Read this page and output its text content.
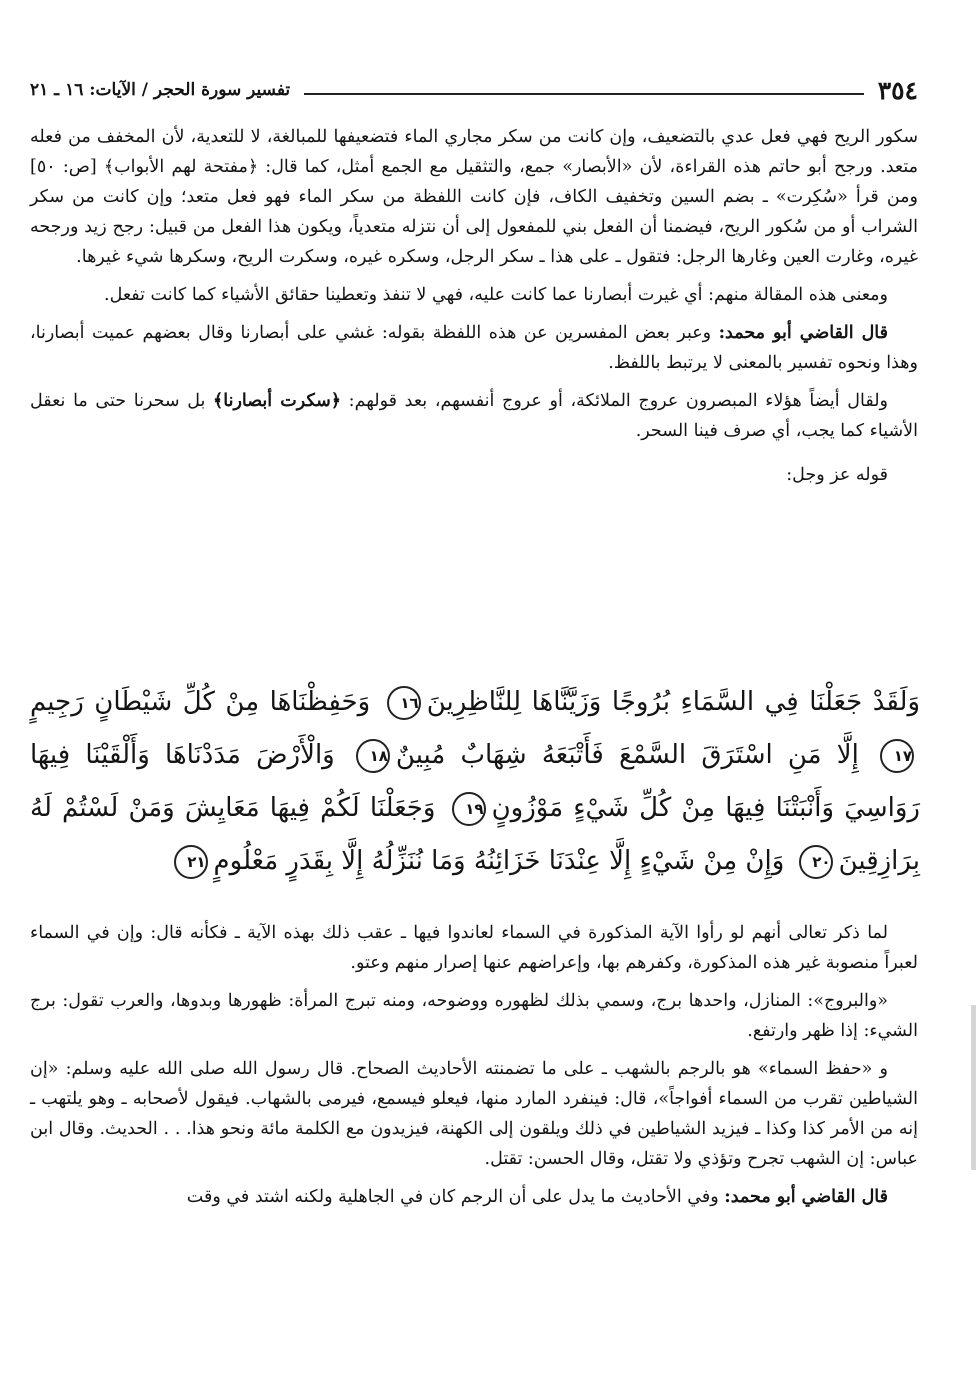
٣٥٤
تفسير سورة الحجر / الآيات: ١٦ ـ ٢١

سكور الريح فهي فعل عدي بالتضعيف، وإن كانت من سكر مجاري الماء فتضعيفها للمبالغة، لا للتعدية، لأن المخفف من فعله متعد. ورجح أبو حاتم هذه القراءة، لأن «الأبصار» جمع، والتثقيل مع الجمع أمثل، كما قال: ﴿مفتحة لهم الأبواب﴾ [ص: ٥٠] ومن قرأ «سُكِرت» ـ بضم السين وتخفيف الكاف، فإن كانت اللفظة من سكر الماء فهو فعل متعد؛ وإن كانت من سكر الشراب أو من سُكور الريح، فيضمنا أن الفعل بني للمفعول إلى أن نتزله متعدياً، ويكون هذا الفعل من قبيل: رجح زيد ورجحه غيره، وغارت العين وغارها الرجل: فتقول ـ على هذا ـ سكر الرجل، وسكره غيره، وسكرت الريح، وسكرها شيء غيرها.

ومعنى هذه المقالة منهم: أي غيرت أبصارنا عما كانت عليه، فهي لا تنفذ وتعطينا حقائق الأشياء كما كانت تفعل.

قال القاضي أبو محمد: وعبر بعض المفسرين عن هذه اللفظة بقوله: غشي على أبصارنا وقال بعضهم عميت أبصارنا، وهذا ونحوه تفسير بالمعنى لا يرتبط باللفظ.

ولقال أيضاً هؤلاء المبصرون عروج الملائكة، أو عروج أنفسهم، بعد قولهم: ﴿سكرت أبصارنا﴾ بل سحرنا حتى ما نعقل الأشياء كما يجب، أي صرف فينا السحر.

قوله عز وجل:

وَلَقَدْ جَعَلْنَا فِي السَّمَاءِ بُرُوجًا وَزَيَّنَّاهَا لِلنَّاظِرِينَ١٦ وَحَفِظْنَاهَا مِنْ كُلِّ شَيْطَانٍ رَجِيمٍ١٧ إِلَّا مَنِ اسْتَرَقَ السَّمْعَ فَأَتْبَعَهُ شِهَابٌ مُبِينٌ١٨ وَالْأَرْضَ مَدَدْنَاهَا وَأَلْقَيْنَا فِيهَا رَوَاسِيَ وَأَنْبَتْنَا فِيهَا مِنْ كُلِّ شَيْءٍ مَوْزُونٍ١٩ وَجَعَلْنَا لَكُمْ فِيهَا مَعَايِشَ وَمَنْ لَسْتُمْ لَهُ بِرَازِقِينَ٢٠ وَإِنْ مِنْ شَيْءٍ إِلَّا عِنْدَنَا خَزَائِنُهُ وَمَا نُنَزِّلُهُ إِلَّا بِقَدَرٍ مَعْلُومٍ٢١

لما ذكر تعالى أنهم لو رأوا الآية المذكورة في السماء لعاندوا فيها ـ عقب ذلك بهذه الآية ـ فكأنه قال: وإن في السماء لعبراً منصوبة غير هذه المذكورة، وكفرهم بها، وإعراضهم عنها إصرار منهم وعتو.

«والبروج»: المنازل، واحدها برج، وسمي بذلك لظهوره ووضوحه، ومنه تبرج المرأة: ظهورها وبدوها، والعرب تقول: برج الشيء: إذا ظهر وارتفع.

و «حفظ السماء» هو بالرجم بالشهب ـ على ما تضمنته الأحاديث الصحاح. قال رسول الله صلى الله عليه وسلم: «إن الشياطين تقرب من السماء أفواجاً»، قال: فينفرد المارد منها، فيعلو فيسمع، فيرمى بالشهاب. فيقول لأصحابه ـ وهو يلتهب ـ إنه من الأمر كذا وكذا ـ فيزيد الشياطين في ذلك ويلقون إلى الكهنة، فيزيدون مع الكلمة مائة ونحو هذا. . . الحديث. وقال ابن عباس: إن الشهب تجرح وتؤذي ولا تقتل، وقال الحسن: تقتل.

قال القاضي أبو محمد: وفي الأحاديث ما يدل على أن الرجم كان في الجاهلية ولكنه اشتد في وقت
